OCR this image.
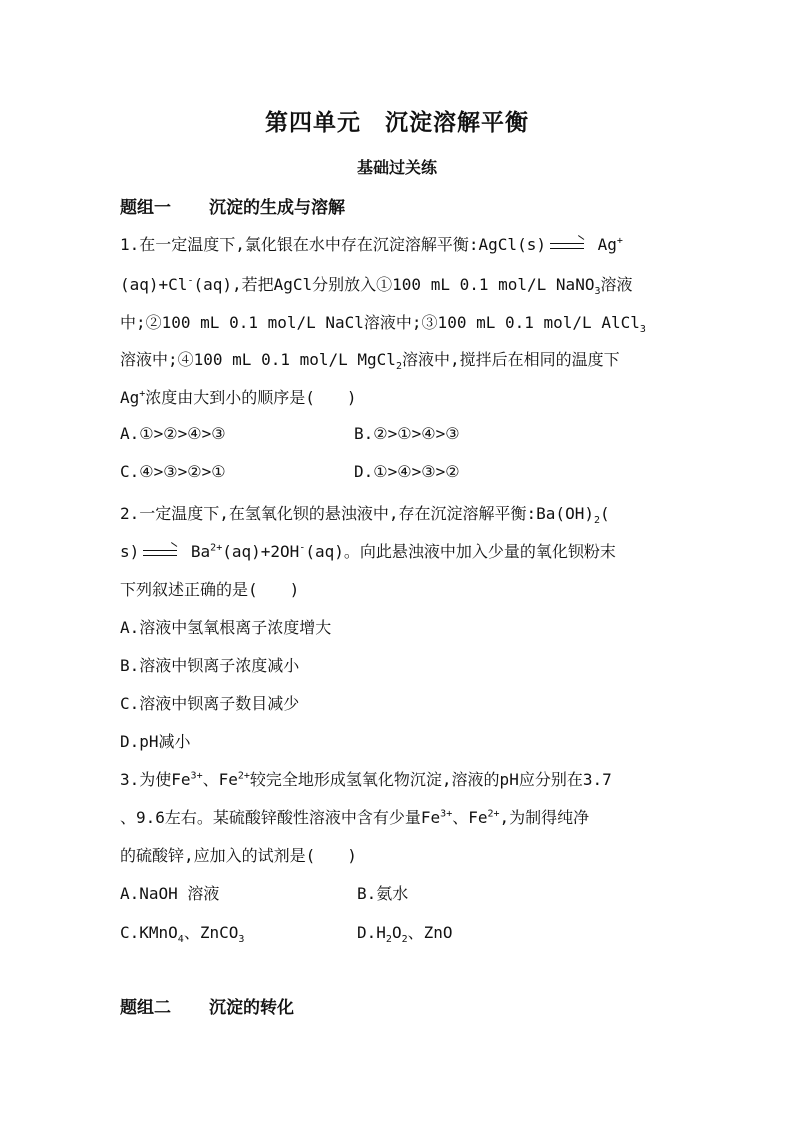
第四单元　沉淀溶解平衡
基础过关练
题组一 沉淀的生成与溶解
1.在一定温度下,氯化银在水中存在沉淀溶解平衡:AgCl(s) → Ag+
(aq)+Cl-(aq),若把AgCl分别放入①100 mL 0.1 mol/L NaNO$_3$溶液
中;②100 mL 0.1 mol/L NaCl溶液中;③100 mL 0.1 mol/L AlCl$_3$
溶液中;④100 mL 0.1 mol/L MgCl$_2$溶液中,搅拌后在相同的温度下
Ag+浓度由大到小的顺序是(　　)
A.①>②>④>③	B.②>①>④>③
C.④>③>②>①	D.①>④>③>②
2.一定温度下,在氢氧化钡的悬浊液中,存在沉淀溶解平衡$:Ba(OH)_2$(
$s) \to Ba^{2+}(aq)+2OH^-(aq)$。向此悬浊液中加入少量的氧化钡粉末
下列叙述正确的是(　　)
A.溶液中氢氧根离子浓度增大
B.溶液中钡离子浓度减小
C.溶液中钡离子数目减少
D.pH减小
3.为使$Fe^{3+}$、$Fe^{2+}$较完全地形成氢氧化物沉淀,溶液的pH应分别在3.7
、9.6左右。某硫酸锌酸性溶液中含有少量$Fe^{3+}$、$Fe^{2+}$,为制得纯净
的硫酸锌,应加入的试剂是(　　)
A.NaOH 溶液	B.氨水
C.KMnO$_4$、ZnCO$_3$	$D.H_2O_2$、ZnO
题组二 沉淀的转化
